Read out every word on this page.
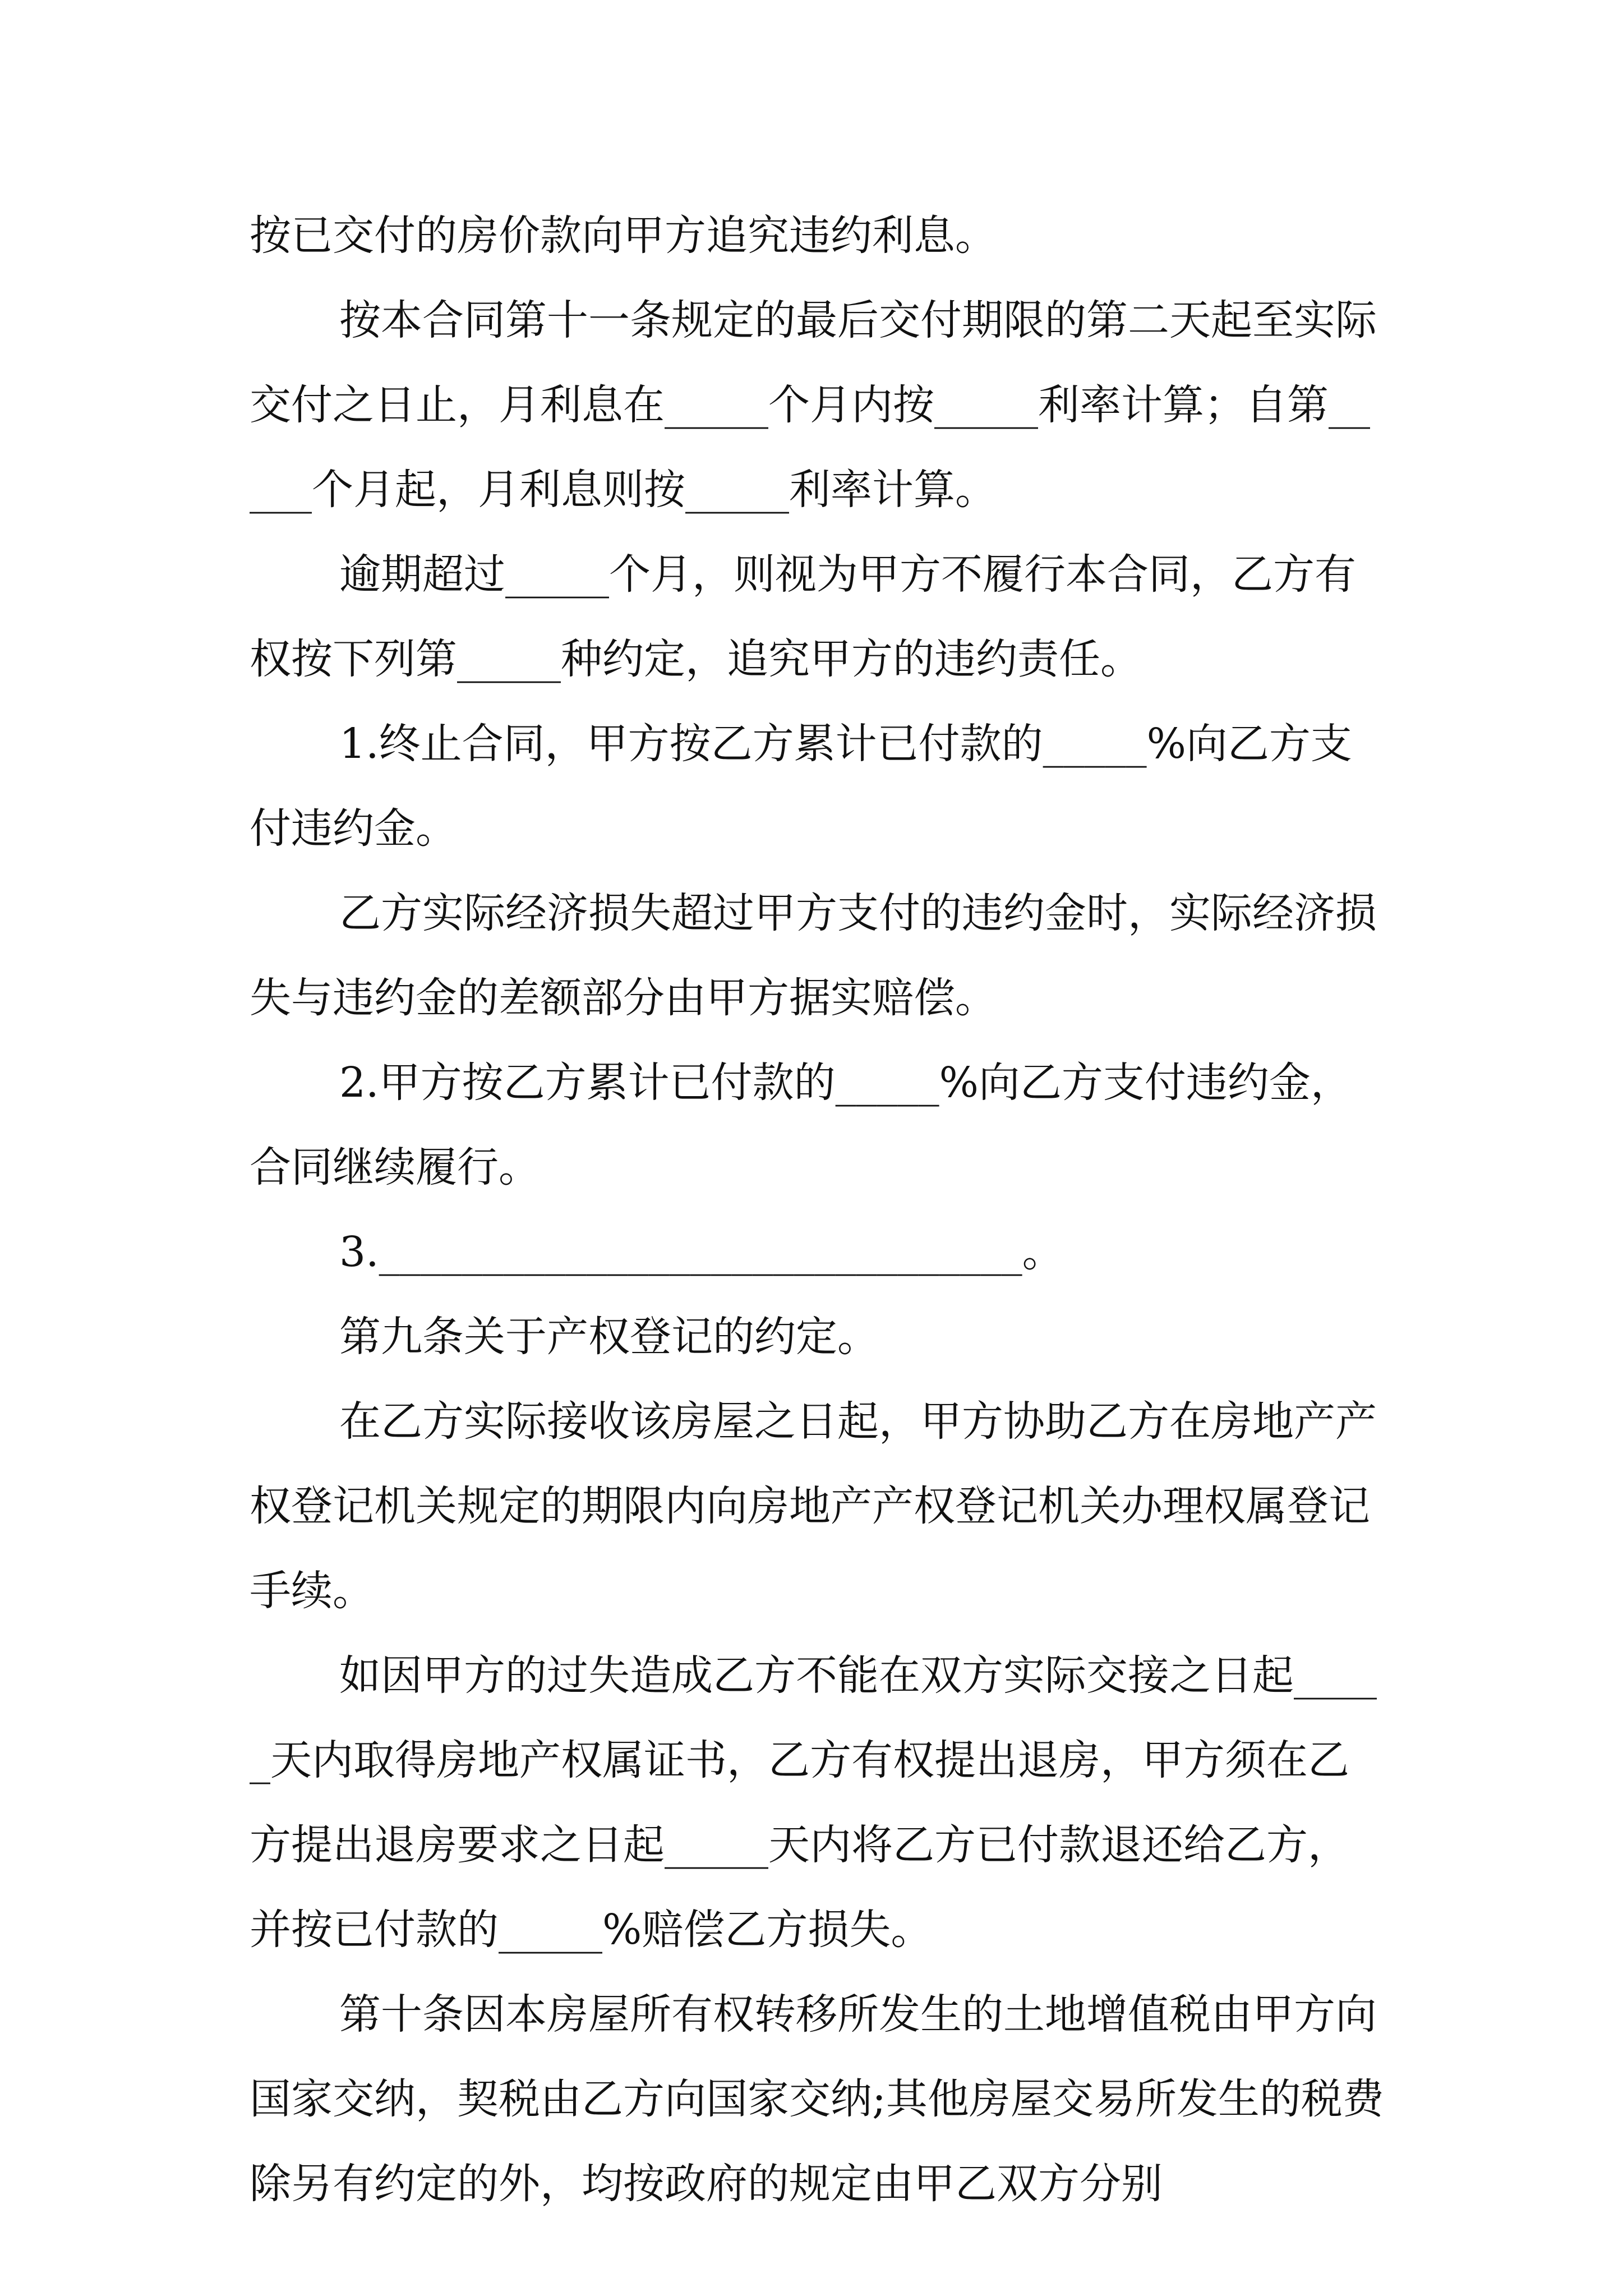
按已交付的房价款向甲方追究违约利息。

按本合同第十一条规定的最后交付期限的第二天起至实际交付之日止，月利息在_____个月内按_____利率计算；自第_____个月起，月利息则按_____利率计算。

逾期超过_____个月，则视为甲方不履行本合同，乙方有权按下列第_____种约定，追究甲方的违约责任。

1.终止合同，甲方按乙方累计已付款的_____%向乙方支付违约金。

乙方实际经济损失超过甲方支付的违约金时，实际经济损失与违约金的差额部分由甲方据实赔偿。

2.甲方按乙方累计已付款的_____%向乙方支付违约金，合同继续履行。

3._______________________________。

第九条关于产权登记的约定。

在乙方实际接收该房屋之日起，甲方协助乙方在房地产产权登记机关规定的期限内向房地产产权登记机关办理权属登记手续。

如因甲方的过失造成乙方不能在双方实际交接之日起_____天内取得房地产权属证书，乙方有权提出退房，甲方须在乙方提出退房要求之日起_____天内将乙方已付款退还给乙方，并按已付款的_____%赔偿乙方损失。

第十条因本房屋所有权转移所发生的土地增值税由甲方向国家交纳，契税由乙方向国家交纳;其他房屋交易所发生的税费除另有约定的外，均按政府的规定由甲乙双方分别
